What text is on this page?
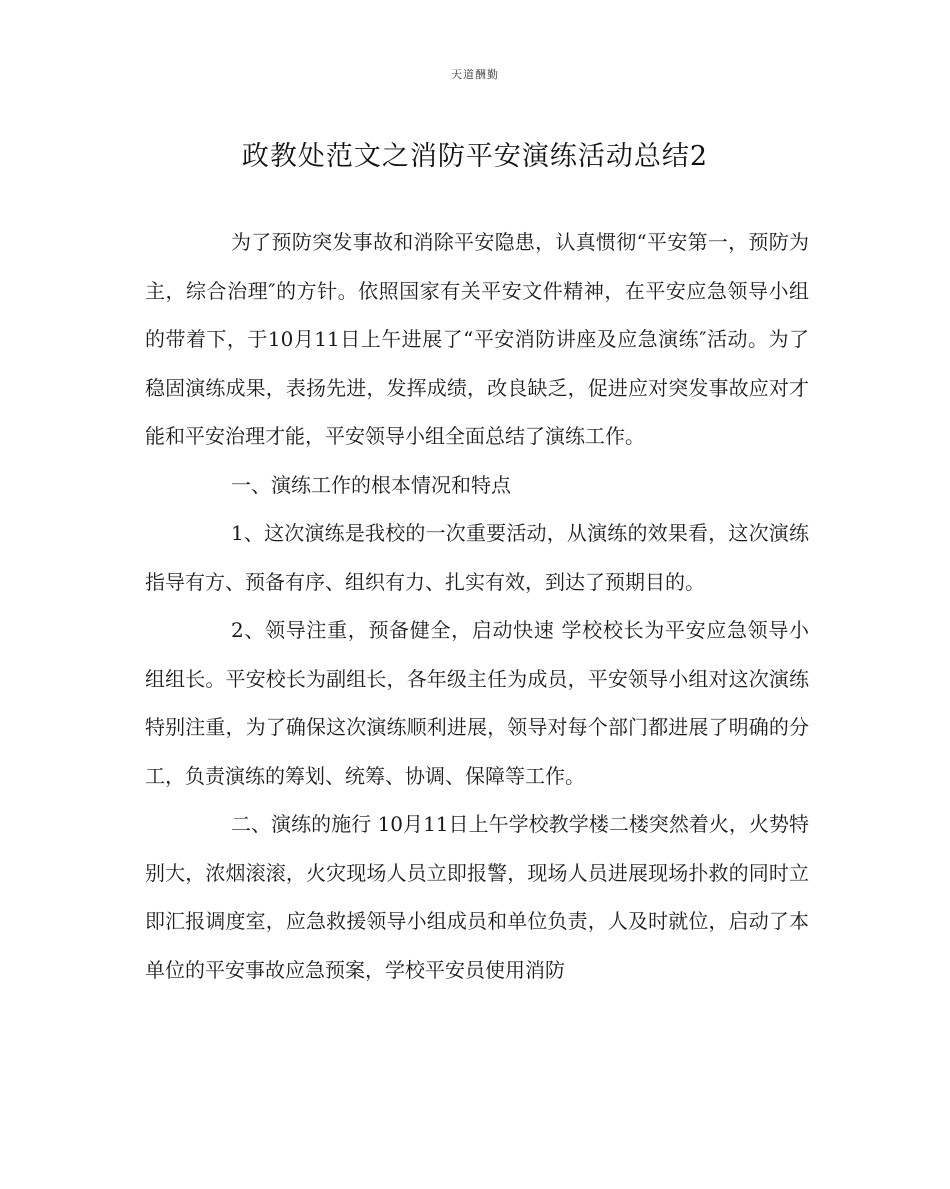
天道酬勤
政教处范文之消防平安演练活动总结2

为了预防突发事故和消除平安隐患，认真惯彻“平安第一，预防为主，综合治理″的方针。依照国家有关平安文件精神，在平安应急领导小组的带着下，于10月11日上午进展了“平安消防讲座及应急演练″活动。为了稳固演练成果，表扬先进，发挥成绩，改良缺乏，促进应对突发事故应对才能和平安治理才能，平安领导小组全面总结了演练工作。

一、演练工作的根本情况和特点

1、这次演练是我校的一次重要活动，从演练的效果看，这次演练指导有方、预备有序、组织有力、扎实有效，到达了预期目的。

2、领导注重，预备健全，启动快速 学校校长为平安应急领导小组组长。平安校长为副组长，各年级主任为成员，平安领导小组对这次演练特别注重，为了确保这次演练顺利进展，领导对每个部门都进展了明确的分工，负责演练的筹划、统筹、协调、保障等工作。

二、演练的施行 10月11日上午学校教学楼二楼突然着火，火势特别大，浓烟滚滚，火灾现场人员立即报警，现场人员进展现场扑救的同时立即汇报调度室，应急救援领导小组成员和单位负责，人及时就位，启动了本单位的平安事故应急预案，学校平安员使用消防
